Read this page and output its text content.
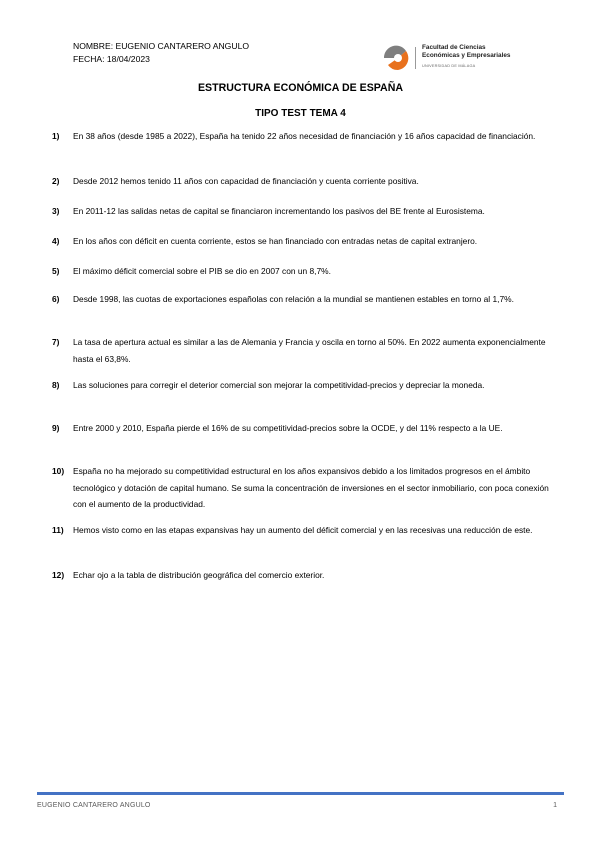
NOMBRE: EUGENIO CANTARERO ANGULO
FECHA: 18/04/2023
Facultad de Ciencias
Económicas y Empresariales
UNIVERSIDAD DE MÁLAGA
ESTRUCTURA ECONÓMICA DE ESPAÑA
TIPO TEST TEMA 4
1) En 38 años (desde 1985 a 2022), España ha tenido 22 años necesidad de financiación y 16 años capacidad de financiación.
2) Desde 2012 hemos tenido 11 años con capacidad de financiación y cuenta corriente positiva.
3) En 2011-12 las salidas netas de capital se financiaron incrementando los pasivos del BE frente al Eurosistema.
4) En los años con déficit en cuenta corriente, estos se han financiado con entradas netas de capital extranjero.
5) El máximo déficit comercial sobre el PIB se dio en 2007 con un 8,7%.
6) Desde 1998, las cuotas de exportaciones españolas con relación a la mundial se mantienen estables en torno al 1,7%.
7) La tasa de apertura actual es similar a las de Alemania y Francia y oscila en torno al 50%. En 2022 aumenta exponencialmente hasta el 63,8%.
8) Las soluciones para corregir el deterior comercial son mejorar la competitividad-precios y depreciar la moneda.
9) Entre 2000 y 2010, España pierde el 16% de su competitividad-precios sobre la OCDE, y del 11% respecto a la UE.
10) España no ha mejorado su competitividad estructural en los años expansivos debido a los limitados progresos en el ámbito tecnológico y dotación de capital humano. Se suma la concentración de inversiones en el sector inmobiliario, con poca conexión con el aumento de la productividad.
11) Hemos visto como en las etapas expansivas hay un aumento del déficit comercial y en las recesivas una reducción de este.
12) Echar ojo a la tabla de distribución geográfica del comercio exterior.
EUGENIO CANTARERO ANGULO	1
